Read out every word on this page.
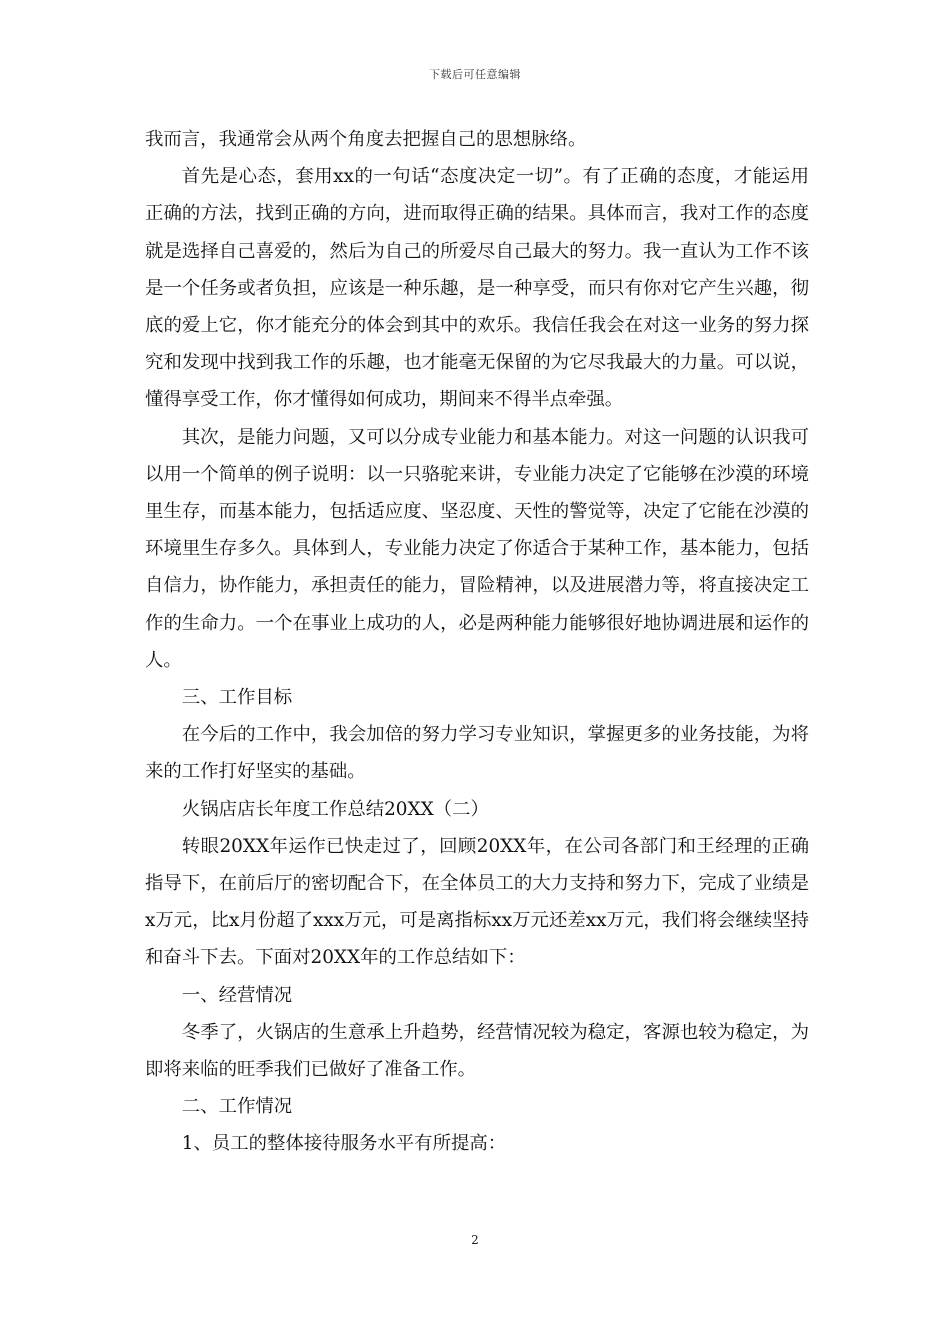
下载后可任意编辑

我而言，我通常会从两个角度去把握自己的思想脉络。

首先是心态，套用xx的一句话“态度决定一切”。有了正确的态度，才能运用正确的方法，找到正确的方向，进而取得正确的结果。具体而言，我对工作的态度就是选择自己喜爱的，然后为自己的所爱尽自己最大的努力。我一直认为工作不该是一个任务或者负担，应该是一种乐趣，是一种享受，而只有你对它产生兴趣，彻底的爱上它，你才能充分的体会到其中的欢乐。我信任我会在对这一业务的努力探究和发现中找到我工作的乐趣，也才能毫无保留的为它尽我最大的力量。可以说，懂得享受工作，你才懂得如何成功，期间来不得半点牵强。

其次，是能力问题，又可以分成专业能力和基本能力。对这一问题的认识我可以用一个简单的例子说明：以一只骆驼来讲，专业能力决定了它能够在沙漠的环境里生存，而基本能力，包括适应度、坚忍度、天性的警觉等，决定了它能在沙漠的环境里生存多久。具体到人，专业能力决定了你适合于某种工作，基本能力，包括自信力，协作能力，承担责任的能力，冒险精神，以及进展潜力等，将直接决定工作的生命力。一个在事业上成功的人，必是两种能力能够很好地协调进展和运作的人。

三、工作目标

在今后的工作中，我会加倍的努力学习专业知识，掌握更多的业务技能，为将来的工作打好坚实的基础。

火锅店店长年度工作总结20XX（二）

转眼20XX年运作已快走过了，回顾20XX年，在公司各部门和王经理的正确指导下，在前后厅的密切配合下，在全体员工的大力支持和努力下，完成了业绩是x万元，比x月份超了xxx万元，可是离指标xx万元还差xx万元，我们将会继续坚持和奋斗下去。下面对20XX年的工作总结如下：

一、经营情况

冬季了，火锅店的生意承上升趋势，经营情况较为稳定，客源也较为稳定，为即将来临的旺季我们已做好了准备工作。

二、工作情况

1、员工的整体接待服务水平有所提高：

2
